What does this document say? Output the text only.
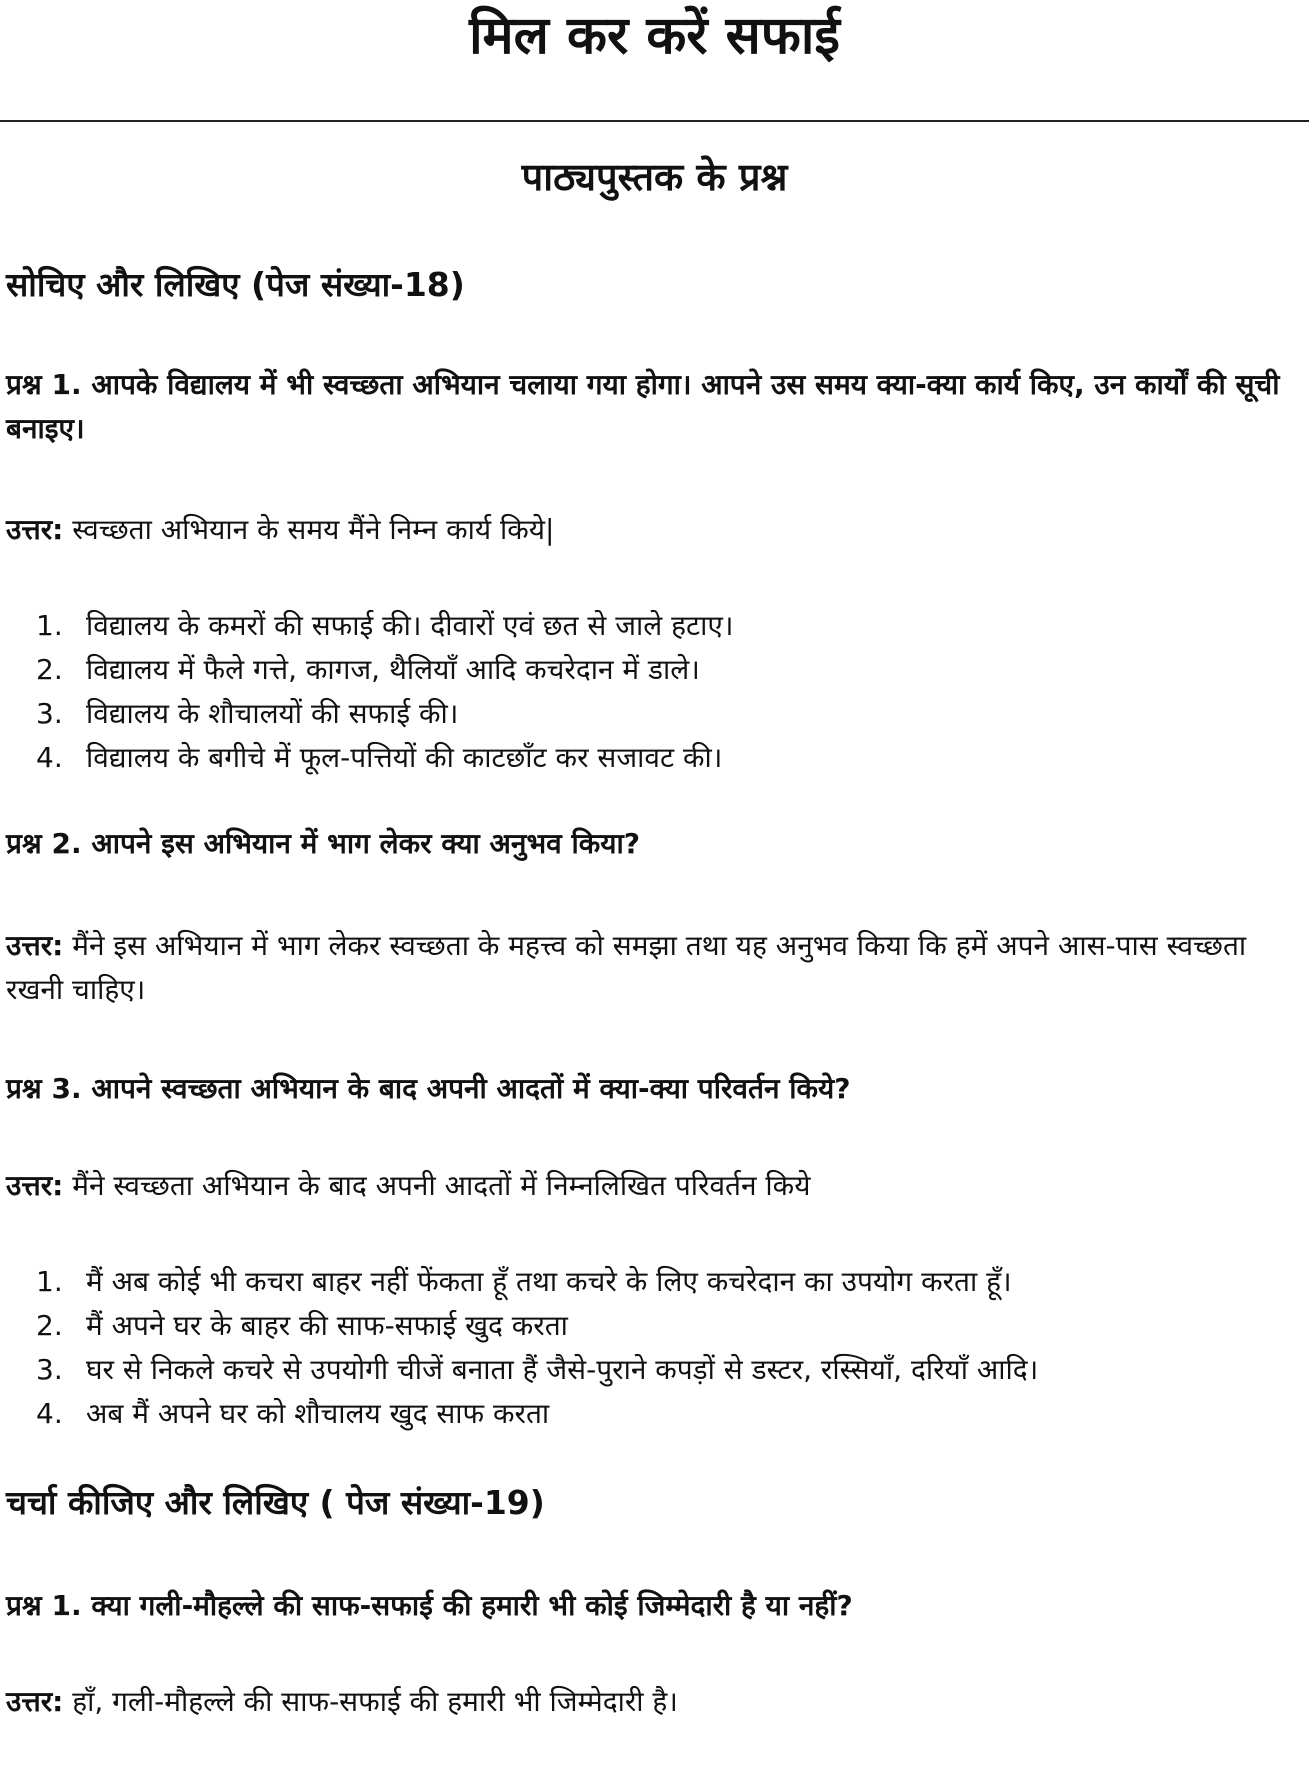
मिल कर करें सफाई
पाठ्यपुस्तक के प्रश्न
सोचिए और लिखिए (पेज संख्या-18)

प्रश्न 1. आपके विद्यालय में भी स्वच्छता अभियान चलाया गया होगा। आपने उस समय क्या-क्या कार्य किए, उन कार्यों की सूची बनाइए।

उत्तर: स्वच्छता अभियान के समय मैंने निम्न कार्य किये|

1. विद्यालय के कमरों की सफाई की। दीवारों एवं छत से जाले हटाए।
2. विद्यालय में फैले गत्ते, कागज, थैलियाँ आदि कचरेदान में डाले।
3. विद्यालय के शौचालयों की सफाई की।
4. विद्यालय के बगीचे में फूल-पत्तियों की काटछाँट कर सजावट की।

प्रश्न 2. आपने इस अभियान में भाग लेकर क्या अनुभव किया?

उत्तर: मैंने इस अभियान में भाग लेकर स्वच्छता के महत्त्व को समझा तथा यह अनुभव किया कि हमें अपने आस-पास स्वच्छता रखनी चाहिए।

प्रश्न 3. आपने स्वच्छता अभियान के बाद अपनी आदतों में क्या-क्या परिवर्तन किये?

उत्तर: मैंने स्वच्छता अभियान के बाद अपनी आदतों में निम्नलिखित परिवर्तन किये

1. मैं अब कोई भी कचरा बाहर नहीं फेंकता हूँ तथा कचरे के लिए कचरेदान का उपयोग करता हूँ।
2. मैं अपने घर के बाहर की साफ-सफाई खुद करता
3. घर से निकले कचरे से उपयोगी चीजें बनाता हैं जैसे-पुराने कपड़ों से डस्टर, रस्सियाँ, दरियाँ आदि।
4. अब मैं अपने घर को शौचालय खुद साफ करता
चर्चा कीजिए और लिखिए ( पेज संख्या-19)

प्रश्न 1. क्या गली-मौहल्ले की साफ-सफाई की हमारी भी कोई जिम्मेदारी है या नहीं?

उत्तर: हाँ, गली-मौहल्ले की साफ-सफाई की हमारी भी जिम्मेदारी है।
